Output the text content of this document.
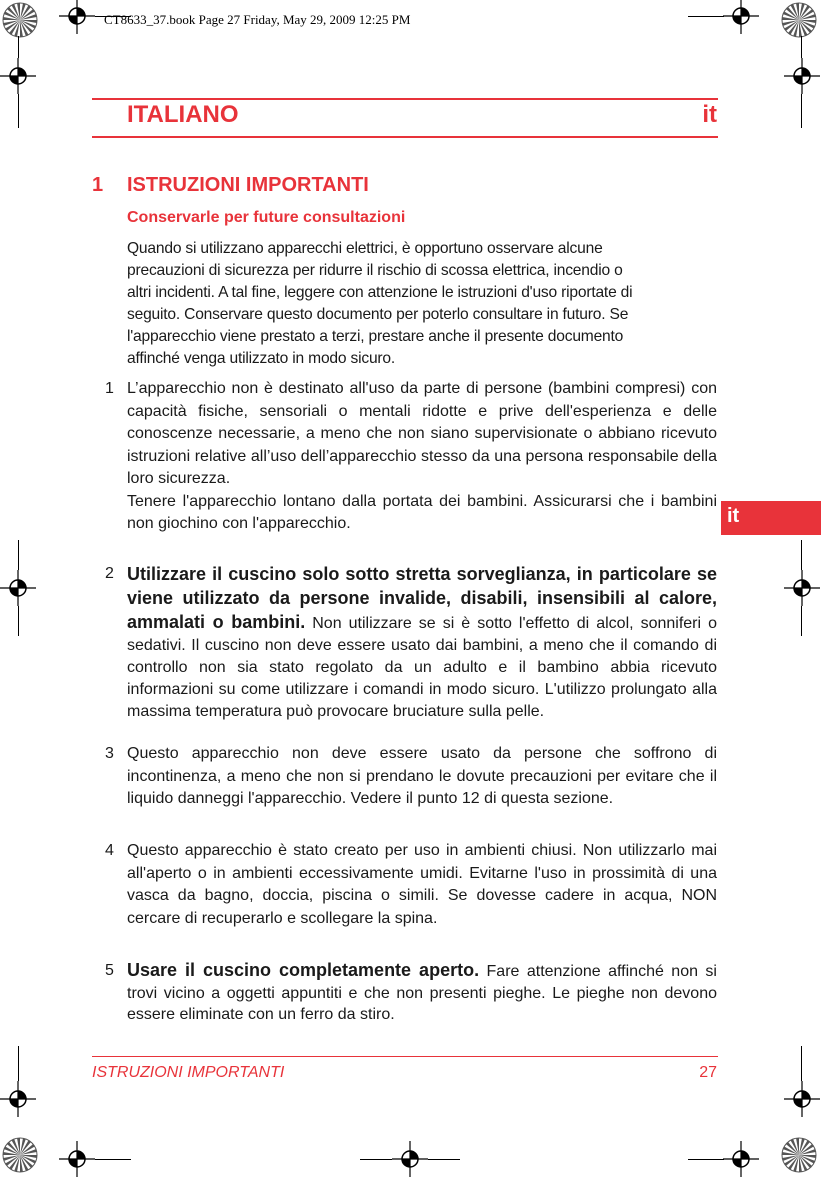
CT8633_37.book Page 27 Friday, May 29, 2009 12:25 PM
ITALIANO	it
it
1 ISTRUZIONI IMPORTANTI
Conservarle per future consultazioni
Quando si utilizzano apparecchi elettrici, è opportuno osservare alcune
precauzioni di sicurezza per ridurre il rischio di scossa elettrica, incendio o
altri incidenti. A tal fine, leggere con attenzione le istruzioni d'uso riportate di
seguito. Conservare questo documento per poterlo consultare in futuro. Se
l'apparecchio viene prestato a terzi, prestare anche il presente documento
affinché venga utilizzato in modo sicuro.
1 L’apparecchio non è destinato all'uso da parte di persone (bambini compresi) con capacità fisiche, sensoriali o mentali ridotte e prive dell'esperienza e delle conoscenze necessarie, a meno che non siano supervisionate o abbiano ricevuto istruzioni relative all’uso dell’apparecchio stesso da una persona responsabile della loro sicurezza.

Tenere l'apparecchio lontano dalla portata dei bambini. Assicurarsi che i bambini non giochino con l'apparecchio.

2 Utilizzare il cuscino solo sotto stretta sorveglianza, in particolare se viene utilizzato da persone invalide, disabili, insensibili al calore, ammalati o bambini. Non utilizzare se si è sotto l'effetto di alcol, sonniferi o sedativi. Il cuscino non deve essere usato dai bambini, a meno che il comando di controllo non sia stato regolato da un adulto e il bambino abbia ricevuto informazioni su come utilizzare i comandi in modo sicuro. L'utilizzo prolungato alla massima temperatura può provocare bruciature sulla pelle.

3 Questo apparecchio non deve essere usato da persone che soffrono di incontinenza, a meno che non si prendano le dovute precauzioni per evitare che il liquido danneggi l'apparecchio. Vedere il punto 12 di questa sezione.

4 Questo apparecchio è stato creato per uso in ambienti chiusi. Non utilizzarlo mai all'aperto o in ambienti eccessivamente umidi. Evitarne l'uso in prossimità di una vasca da bagno, doccia, piscina o simili. Se dovesse cadere in acqua, NON cercare di recuperarlo e scollegare la spina.

5 Usare il cuscino completamente aperto. Fare attenzione affinché non si trovi vicino a oggetti appuntiti e che non presenti pieghe. Le pieghe non devono essere eliminate con un ferro da stiro.

ISTRUZIONI IMPORTANTI	27
